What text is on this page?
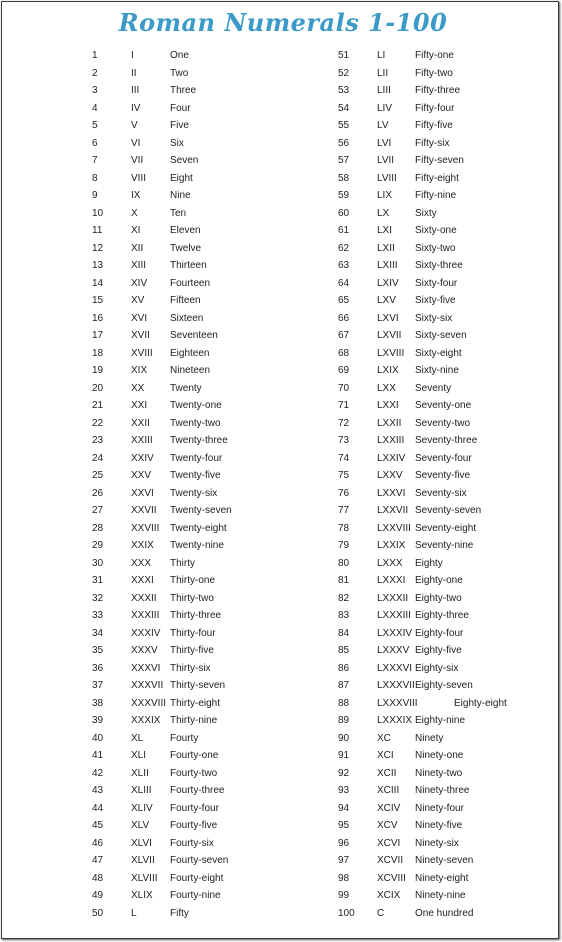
Roman Numerals 1-100
1	I	One
2	II	Two
3	III	Three
4	IV	Four
5	V	Five
6	VI	Six
7	VII	Seven
8	VIII Eight
9	IX	Nine
10	X	Ten
11	XI	Eleven
12	XII	Twelve
13	XIII Thirteen
14	XIV Fourteen
15	XV	Fifteen
16	XVI Sixteen
17	XVII Seventeen
18	XVIII Eighteen
19	XIX Nineteen
20	XX	Twenty
21	XXI Twenty-one
22	XXII Twenty-two
23	XXIII Twenty-three
24	XXIV Twenty-four
25	XXV Twenty-five
26	XXVI Twenty-six
27	XXVII Twenty-seven
28	XXVIII Twenty-eight
29	XXIX Twenty-nine
30	XXX Thirty
31	XXXI Thirty-one
32	XXXII Thirty-two
33	XXXIII Thirty-three
34	XXXIV Thirty-four
35	XXXV Thirty-five
36	XXXVI Thirty-six
37	XXXVII Thirty-seven
38	XXXVIII Thirty-eight
39	XXXIX Thirty-nine
40	XL	Fourty
41	XLI Fourty-one
42	XLII Fourty-two
43	XLIII Fourty-three
44	XLIV Fourty-four
45	XLV Fourty-five
46	XLVI Fourty-six
47	XLVII Fourty-seven
48	XLVIII Fourty-eight
49	XLIX Fourty-nine
50	L	Fifty
51	LI	Fifty-one
52	LII	Fifty-two
53	LIII Fifty-three
54	LIV Fifty-four
55	LV	Fifty-five
56	LVI Fifty-six
57	LVII Fifty-seven
58	LVIII Fifty-eight
59	LIX Fifty-nine
60	LX	Sixty
61	LXI Sixty-one
62	LXII Sixty-two
63	LXIII Sixty-three
64	LXIV Sixty-four
65	LXV Sixty-five
66	LXVI Sixty-six
67	LXVII Sixty-seven
68	LXVIII Sixty-eight
69	LXIX Sixty-nine
70	LXX Seventy
71	LXXI Seventy-one
72	LXXII Seventy-two
73	LXXIII Seventy-three
74	LXXIV Seventy-four
75	LXXV Seventy-five
76	LXXVI Seventy-six
77	LXXVII Seventy-seven
78	LXXVIII Seventy-eight
79	LXXIX Seventy-nine
80	LXXX Eighty
81	LXXXI Eighty-one
82	LXXXII Eighty-two
83	LXXXIII Eighty-three
84	LXXXIV Eighty-four
85	LXXXV Eighty-five
86	LXXXVI Eighty-six
87	LXXXVII Eighty-seven
88	LXXXVIII	Eighty-eight
89	LXXXIX Eighty-nine
90	XC Ninety
91	XCI Ninety-one
92	XCII Ninety-two
93	XCIII Ninety-three
94	XCIV Ninety-four
95	XCV Ninety-five
96	XCVI Ninety-six
97	XCVII Ninety-seven
98	XCVIII Ninety-eight
99	XCIX Ninety-nine
100 C	One hundred
